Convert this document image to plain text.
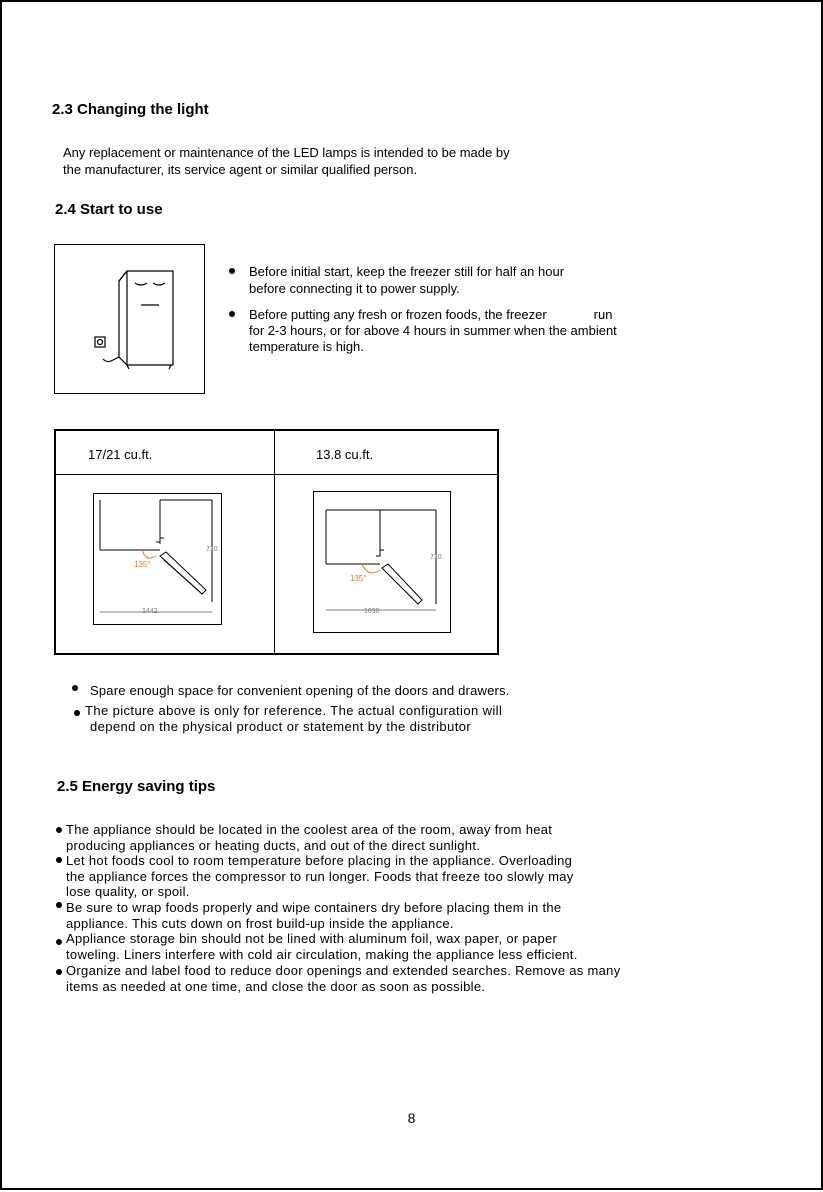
2.3 Changing the light

Any replacement or maintenance of the LED lamps is intended to be made by

the manufacturer, its service agent or similar qualified person.

2.4 Start to use

Before initial start, keep the freezer still for half an hour

before connecting it to power supply.

Before putting any fresh or frozen foods, the freezer             run

for 2-3 hours, or for above 4 hours in summer when the ambient

temperature is high.

17/21 cu.ft.	13.8 cu.ft.
135°
1442
710
135°
1030
710

Spare enough space for convenient opening of the doors and drawers.

The picture above is only for reference. The actual configuration will

depend on the physical product or statement by the distributor

2.5 Energy saving tips

The appliance should be located in the coolest area of the room, away from heat

producing appliances or heating ducts, and out of the direct sunlight.

Let hot foods cool to room temperature before placing in the appliance. Overloading

the appliance forces the compressor to run longer. Foods that freeze too slowly may

lose quality, or spoil.

Be sure to wrap foods properly and wipe containers dry before placing them in the

appliance. This cuts down on frost build-up inside the appliance.

Appliance storage bin should not be lined with aluminum foil, wax paper, or paper

toweling. Liners interfere with cold air circulation, making the appliance less efficient.

Organize and label food to reduce door openings and extended searches. Remove as many

items as needed at one time, and close the door as soon as possible.

8
